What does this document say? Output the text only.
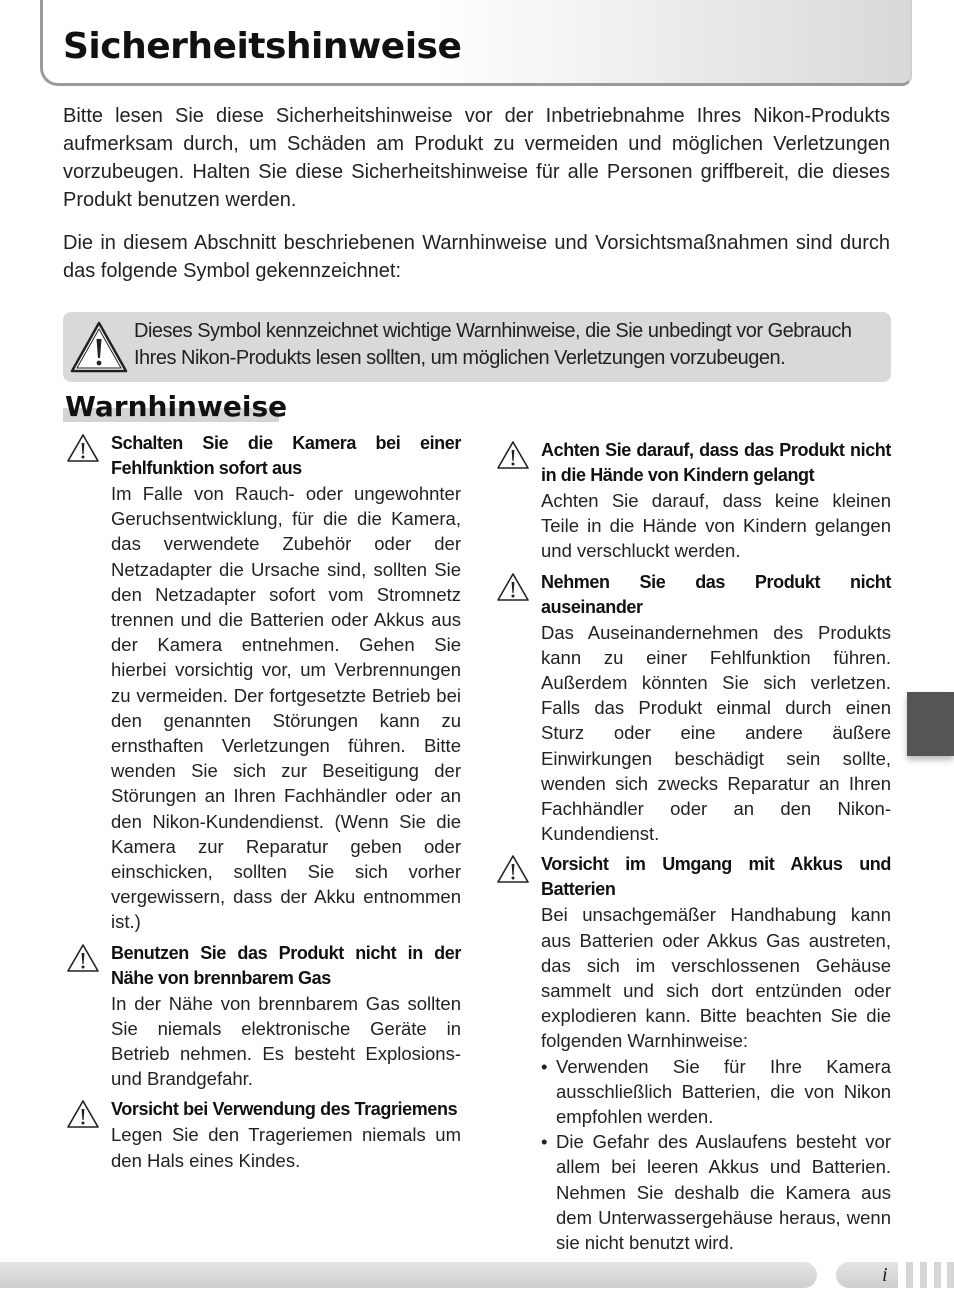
Sicherheitshinweise

Bitte lesen Sie diese Sicherheitshinweise vor der Inbetriebnahme Ihres Nikon-Produkts aufmerksam durch, um Schäden am Produkt zu vermeiden und möglichen Verletzungen vorzubeugen. Halten Sie diese Sicherheitshinweise für alle Personen griffbereit, die dieses Produkt benutzen werden.

Die in diesem Abschnitt beschriebenen Warnhinweise und Vorsichtsmaßnahmen sind durch das folgende Symbol gekennzeichnet:

Dieses Symbol kennzeichnet wichtige Warnhinweise, die Sie unbedingt vor Gebrauch Ihres Nikon-Produkts lesen sollten, um möglichen Verletzungen vorzubeugen.
Warnhinweise
Schalten Sie die Kamera bei einer Fehlfunktion sofort aus
Im Falle von Rauch- oder ungewohnter Geruchsentwicklung, für die die Kamera, das verwendete Zubehör oder der Netzadapter die Ursache sind, sollten Sie den Netzadapter sofort vom Stromnetz trennen und die Batterien oder Akkus aus der Kamera entnehmen. Gehen Sie hierbei vorsichtig vor, um Verbrennungen zu vermeiden. Der fortgesetzte Betrieb bei den genannten Störungen kann zu ernsthaften Verletzungen führen. Bitte wenden Sie sich zur Beseitigung der Störungen an Ihren Fachhändler oder an den Nikon-Kundendienst. (Wenn Sie die Kamera zur Reparatur geben oder einschicken, sollten Sie sich vorher vergewissern, dass der Akku entnommen ist.)
Benutzen Sie das Produkt nicht in der Nähe von brennbarem Gas
In der Nähe von brennbarem Gas sollten Sie niemals elektronische Geräte in Betrieb nehmen. Es besteht Explosions- und Brandgefahr.
Vorsicht bei Verwendung des Tragriemens
Legen Sie den Trageriemen niemals um den Hals eines Kindes.
Achten Sie darauf, dass das Produkt nicht in die Hände von Kindern gelangt
Achten Sie darauf, dass keine kleinen Teile in die Hände von Kindern gelangen und verschluckt werden.
Nehmen Sie das Produkt nicht auseinander
Das Auseinandernehmen des Produkts kann zu einer Fehlfunktion führen. Außerdem könnten Sie sich verletzen. Falls das Produkt einmal durch einen Sturz oder eine andere äußere Einwirkungen beschädigt sein sollte, wenden sich zwecks Reparatur an Ihren Fachhändler oder an den Nikon-Kundendienst.
Vorsicht im Umgang mit Akkus und Batterien
Bei unsachgemäßer Handhabung kann aus Batterien oder Akkus Gas austreten, das sich im verschlossenen Gehäuse sammelt und sich dort entzünden oder explodieren kann. Bitte beachten Sie die folgenden Warnhinweise:
• Verwenden Sie für Ihre Kamera ausschließlich Batterien, die von Nikon empfohlen werden.
• Die Gefahr des Auslaufens besteht vor allem bei leeren Akkus und Batterien. Nehmen Sie deshalb die Kamera aus dem Unterwassergehäuse heraus, wenn sie nicht benutzt wird.
i
